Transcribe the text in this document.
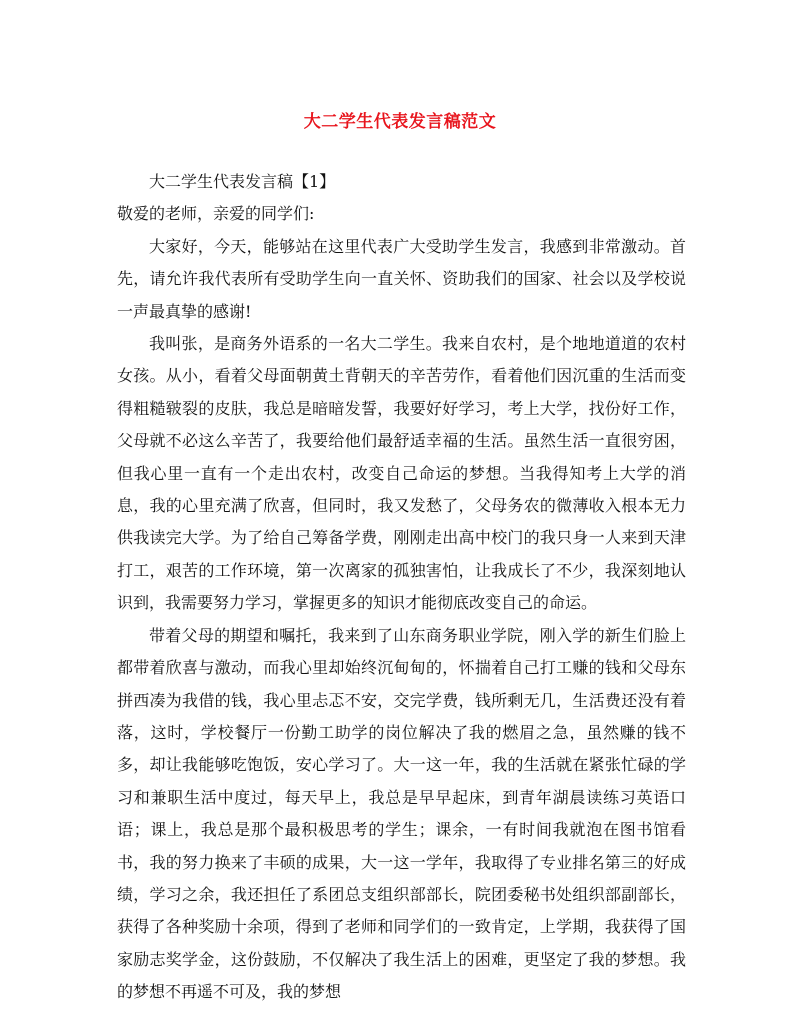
大二学生代表发言稿范文

大二学生代表发言稿【1】

敬爱的老师，亲爱的同学们:

大家好，今天，能够站在这里代表广大受助学生发言，我感到非常激动。首先，请允许我代表所有受助学生向一直关怀、资助我们的国家、社会以及学校说一声最真挚的感谢!

我叫张，是商务外语系的一名大二学生。我来自农村，是个地地道道的农村女孩。从小，看着父母面朝黄土背朝天的辛苦劳作，看着他们因沉重的生活而变得粗糙皲裂的皮肤，我总是暗暗发誓，我要好好学习，考上大学，找份好工作，父母就不必这么辛苦了，我要给他们最舒适幸福的生活。虽然生活一直很穷困，但我心里一直有一个走出农村，改变自己命运的梦想。当我得知考上大学的消息，我的心里充满了欣喜，但同时，我又发愁了，父母务农的微薄收入根本无力供我读完大学。为了给自己筹备学费，刚刚走出高中校门的我只身一人来到天津打工，艰苦的工作环境，第一次离家的孤独害怕，让我成长了不少，我深刻地认识到，我需要努力学习，掌握更多的知识才能彻底改变自己的命运。

带着父母的期望和嘱托，我来到了山东商务职业学院，刚入学的新生们脸上都带着欣喜与激动，而我心里却始终沉甸甸的，怀揣着自己打工赚的钱和父母东拼西凑为我借的钱，我心里忐忑不安，交完学费，钱所剩无几，生活费还没有着落，这时，学校餐厅一份勤工助学的岗位解决了我的燃眉之急，虽然赚的钱不多，却让我能够吃饱饭，安心学习了。大一这一年，我的生活就在紧张忙碌的学习和兼职生活中度过，每天早上，我总是早早起床，到青年湖晨读练习英语口语；课上，我总是那个最积极思考的学生；课余，一有时间我就泡在图书馆看书，我的努力换来了丰硕的成果，大一这一学年，我取得了专业排名第三的好成绩，学习之余，我还担任了系团总支组织部部长，院团委秘书处组织部副部长，获得了各种奖励十余项，得到了老师和同学们的一致肯定，上学期，我获得了国家励志奖学金，这份鼓励，不仅解决了我生活上的困难，更坚定了我的梦想。我的梦想不再遥不可及，我的梦想
